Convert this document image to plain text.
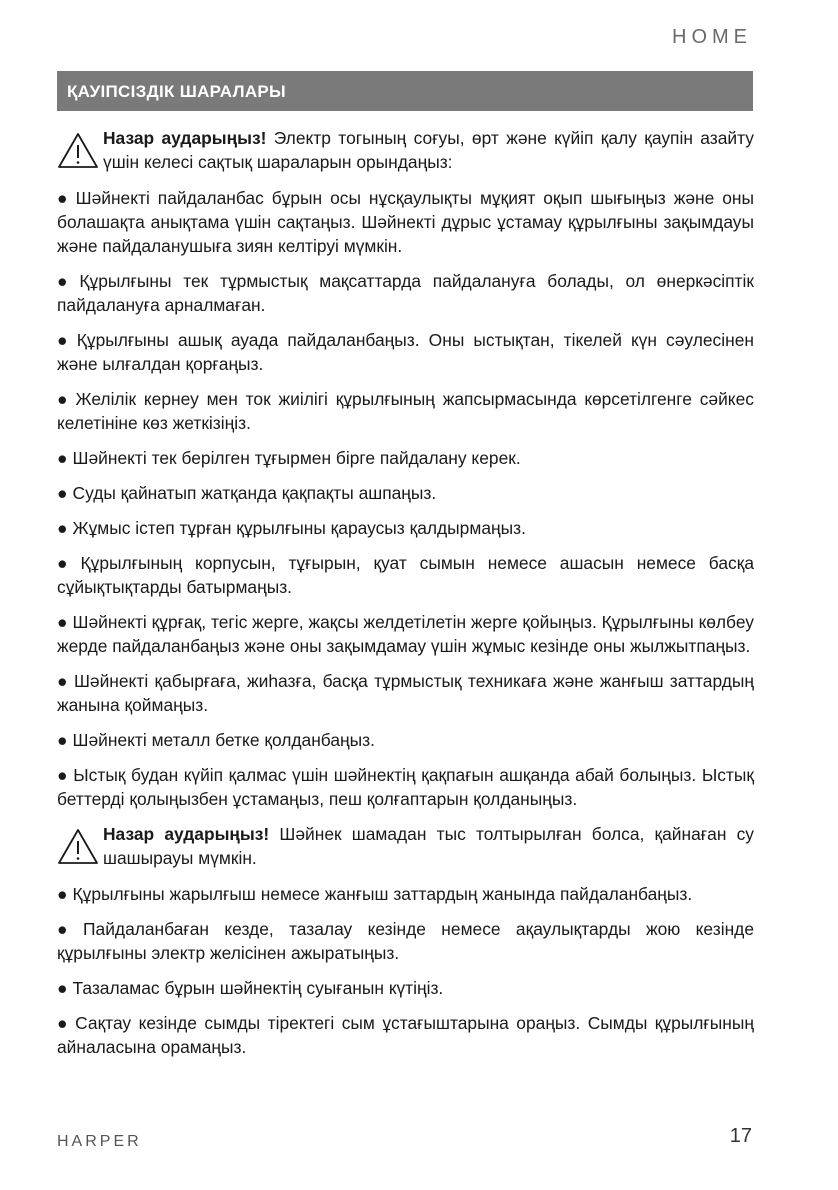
HOME
ҚАУІПСІЗДІК ШАРАЛАРЫ
Назар аударыңыз! Электр тогының соғуы, өрт және күйіп қалу қаупін азайту үшін келесі сақтық шараларын орындаңыз:

● Шәйнекті пайдаланбас бұрын осы нұсқаулықты мұқият оқып шығыңыз және оны болашақта анықтама үшін сақтаңыз. Шәйнекті дұрыс ұстамау құрылғыны зақымдауы және пайдаланушыға зиян келтіруі мүмкін.

● Құрылғыны тек тұрмыстық мақсаттарда пайдалануға болады, ол өнеркәсіптік пайдалануға арналмаған.

● Құрылғыны ашық ауада пайдаланбаңыз. Оны ыстықтан, тікелей күн сәулесінен және ылғалдан қорғаңыз.

● Желілік кернеу мен ток жиілігі құрылғының жапсырмасында көрсетілгенге сәйкес келетініне көз жеткізіңіз.

● Шәйнекті тек берілген тұғырмен бірге пайдалану керек.

● Суды қайнатып жатқанда қақпақты ашпаңыз.

● Жұмыс істеп тұрған құрылғыны қараусыз қалдырмаңыз.

● Құрылғының корпусын, тұғырын, қуат сымын немесе ашасын немесе басқа сұйықтықтарды батырмаңыз.

● Шәйнекті құрғақ, тегіс жерге, жақсы желдетілетін жерге қойыңыз. Құрылғыны көлбеу жерде пайдаланбаңыз және оны зақымдамау үшін жұмыс кезінде оны жылжытпаңыз.

● Шәйнекті қабырғаға, жиһазға, басқа тұрмыстық техникаға және жанғыш заттардың жанына қоймаңыз.

● Шәйнекті металл бетке қолданбаңыз.

● Ыстық будан күйіп қалмас үшін шәйнектің қақпағын ашқанда абай болыңыз. Ыстық беттерді қолыңызбен ұстамаңыз, пеш қолғаптарын қолданыңыз.

Назар аударыңыз! Шәйнек шамадан тыс толтырылған болса, қайнаған су шашырауы мүмкін.

● Құрылғыны жарылғыш немесе жанғыш заттардың жанында пайдаланбаңыз.

● Пайдаланбаған кезде, тазалау кезінде немесе ақаулықтарды жою кезінде құрылғыны электр желісінен ажыратыңыз.

● Тазаламас бұрын шәйнектің суығанын күтіңіз.

● Сақтау кезінде сымды тіректегі сым ұстағыштарына ораңыз. Сымды құрылғының айналасына орамаңыз.

HARPER	17
